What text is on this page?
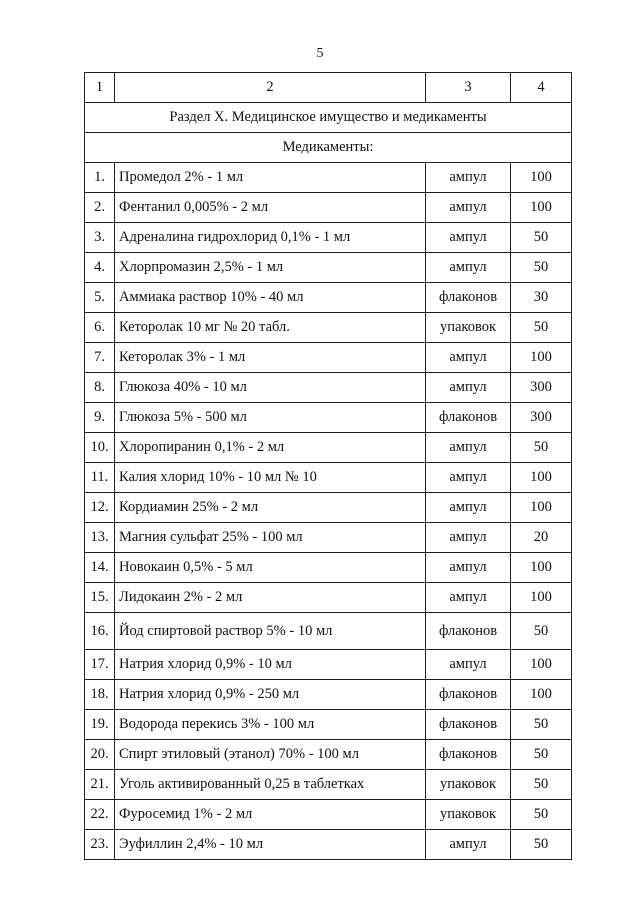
5
1	2	3	4
Раздел X. Медицинское имущество и медикаменты			
Медикаменты:			
1.	Промедол 2% - 1 мл	ампул	100
2.	Фентанил 0,005% - 2 мл	ампул	100
3.	Адреналина гидрохлорид 0,1% - 1 мл	ампул	50
4.	Хлорпромазин 2,5% - 1 мл	ампул	50
5.	Аммиака раствор 10% - 40 мл	флаконов	30
6.	Кеторолак 10 мг № 20 табл.	упаковок	50
7.	Кеторолак 3% - 1 мл	ампул	100
8.	Глюкоза 40% - 10 мл	ампул	300
9.	Глюкоза 5% - 500 мл	флаконов	300
10.	Хлоропиранин 0,1% - 2 мл	ампул	50
11.	Калия хлорид 10% - 10 мл № 10	ампул	100
12.	Кордиамин 25% - 2 мл	ампул	100
13.	Магния сульфат 25% - 100 мл	ампул	20
14.	Новокаин 0,5% - 5 мл	ампул	100
15.	Лидокаин 2% - 2 мл	ампул	100
16.	Йод спиртовой раствор 5% - 10 мл	флаконов	50
17.	Натрия хлорид 0,9% - 10 мл	ампул	100
18.	Натрия хлорид 0,9% - 250 мл	флаконов	100
19.	Водорода перекись 3% - 100 мл	флаконов	50
20.	Спирт этиловый (этанол) 70% - 100 мл	флаконов	50
21.	Уголь активированный 0,25 в таблетках	упаковок	50
22.	Фуросемид 1% - 2 мл	упаковок	50
23.	Эуфиллин 2,4% - 10 мл	ампул	50
